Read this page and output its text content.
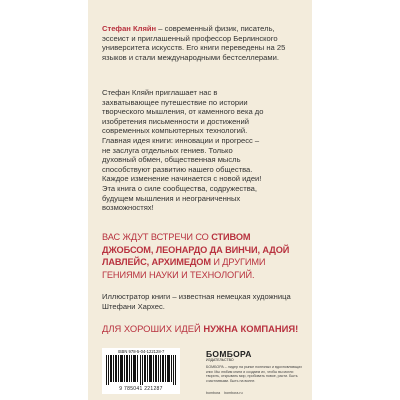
Стефан Кляйн – современный физик, писатель, эссеист и приглашенный профессор Берлинского университета искусств. Его книги переведены на 25 языков и стали международными бестселлерами.
Стефан Кляйн приглашает нас в захватывающее путешествие по истории творческого мышления, от каменного века до изобретения письменности и достижений современных компьютерных технологий. Главная идея книги: инновации и прогресс – не заслуга отдельных гениев. Только духовный обмен, общественная мысль способствуют развитию нашего общества. Каждое изменение начинается с новой идеи! Эта книга о силе сообщества, содружества, будущем мышления и неограниченных возможностях!
ВАС ЖДУТ ВСТРЕЧИ СО СТИВОМ ДЖОБСОМ, ЛЕОНАРДО ДА ВИНЧИ, АДОЙ ЛАВЛЕЙС, АРХИМЕДОМ И ДРУГИМИ ГЕНИЯМИ НАУКИ И ТЕХНОЛОГИЙ.
Иллюстратор книги – известная немецкая художница Штефани Хархес.
ДЛЯ ХОРОШИХ ИДЕЙ НУЖНА КОМПАНИЯ!
ISBN 978-5-04-122128-7
9 785041 221287
БОМБОРА
ИЗДАТЕЛЬСТВО
БОМБОРА – лидер на рынке полезных и вдохновляющих книг. Мы любим книги и создаем их, чтобы вы могли творить, открывать мир, пробовать новое, расти. Быть счастливыми. Быть на волне.
bombora bombora.ru
